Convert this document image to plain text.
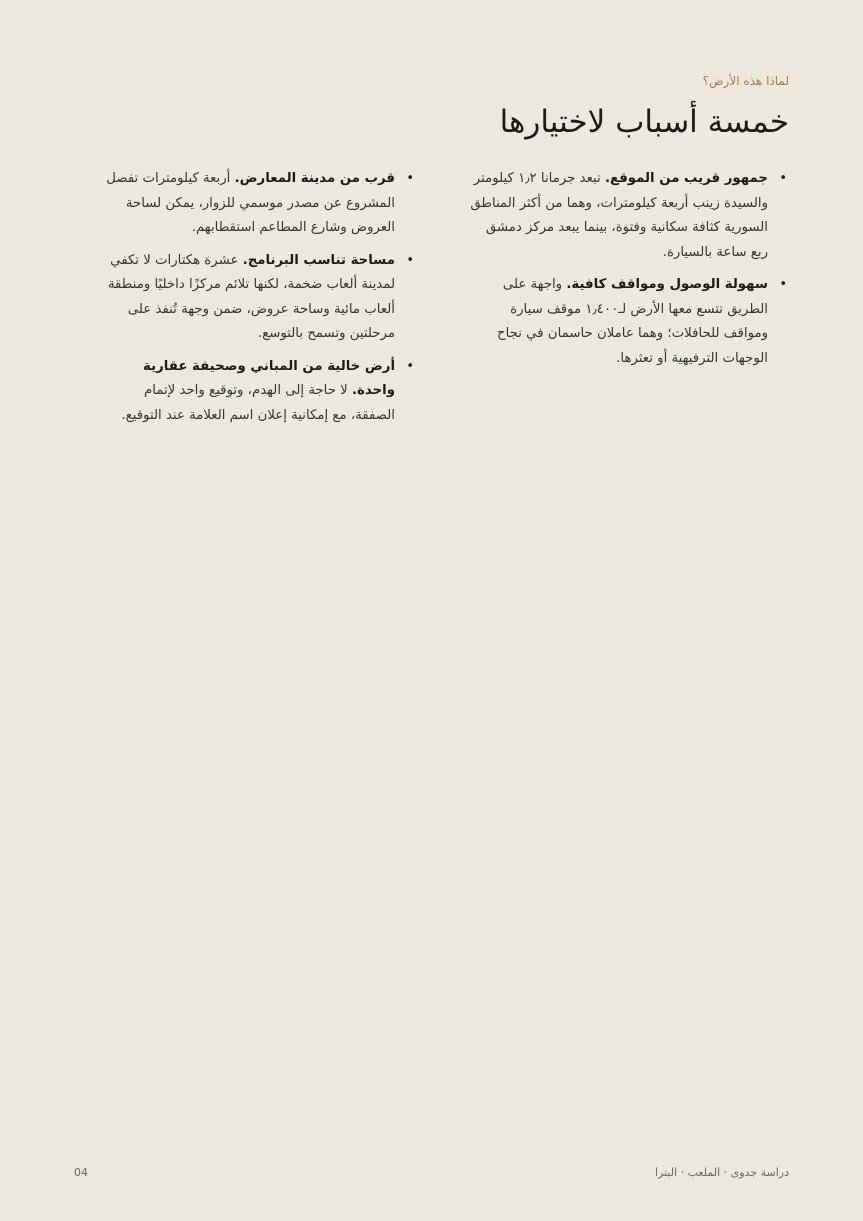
لماذا هذه الأرض؟

خمسة أسباب لاختيارها
•
جمهور قريب من الموقع. تبعد جرمانا ١٫٢ كيلومتر والسيدة زينب أربعة كيلومترات، وهما من أكثر المناطق السورية كثافة سكانية وفتوة، بينما يبعد مركز دمشق ربع ساعة بالسيارة.
•
سهولة الوصول ومواقف كافية. واجهة على الطريق تتسع معها الأرض لـ١٫٤٠٠ موقف سيارة ومواقف للحافلات؛ وهما عاملان حاسمان في نجاح الوجهات الترفيهية أو تعثرها.
•
قرب من مدينة المعارض. أربعة كيلومترات تفصل المشروع عن مصدر موسمي للزوار، يمكن لساحة العروض وشارع المطاعم استقطابهم.
•
مساحة تناسب البرنامج. عشرة هكتارات لا تكفي لمدينة ألعاب ضخمة، لكنها تلائم مركزًا داخليًا ومنطقة ألعاب مائية وساحة عروض، ضمن وجهة تُنفذ على مرحلتين وتسمح بالتوسع.
•
أرض خالية من المباني وصحيفة عقارية واحدة. لا حاجة إلى الهدم، وتوقيع واحد لإتمام الصفقة، مع إمكانية إعلان اسم العلامة عند التوقيع.

دراسة جدوى · الملعب · البترا

04
